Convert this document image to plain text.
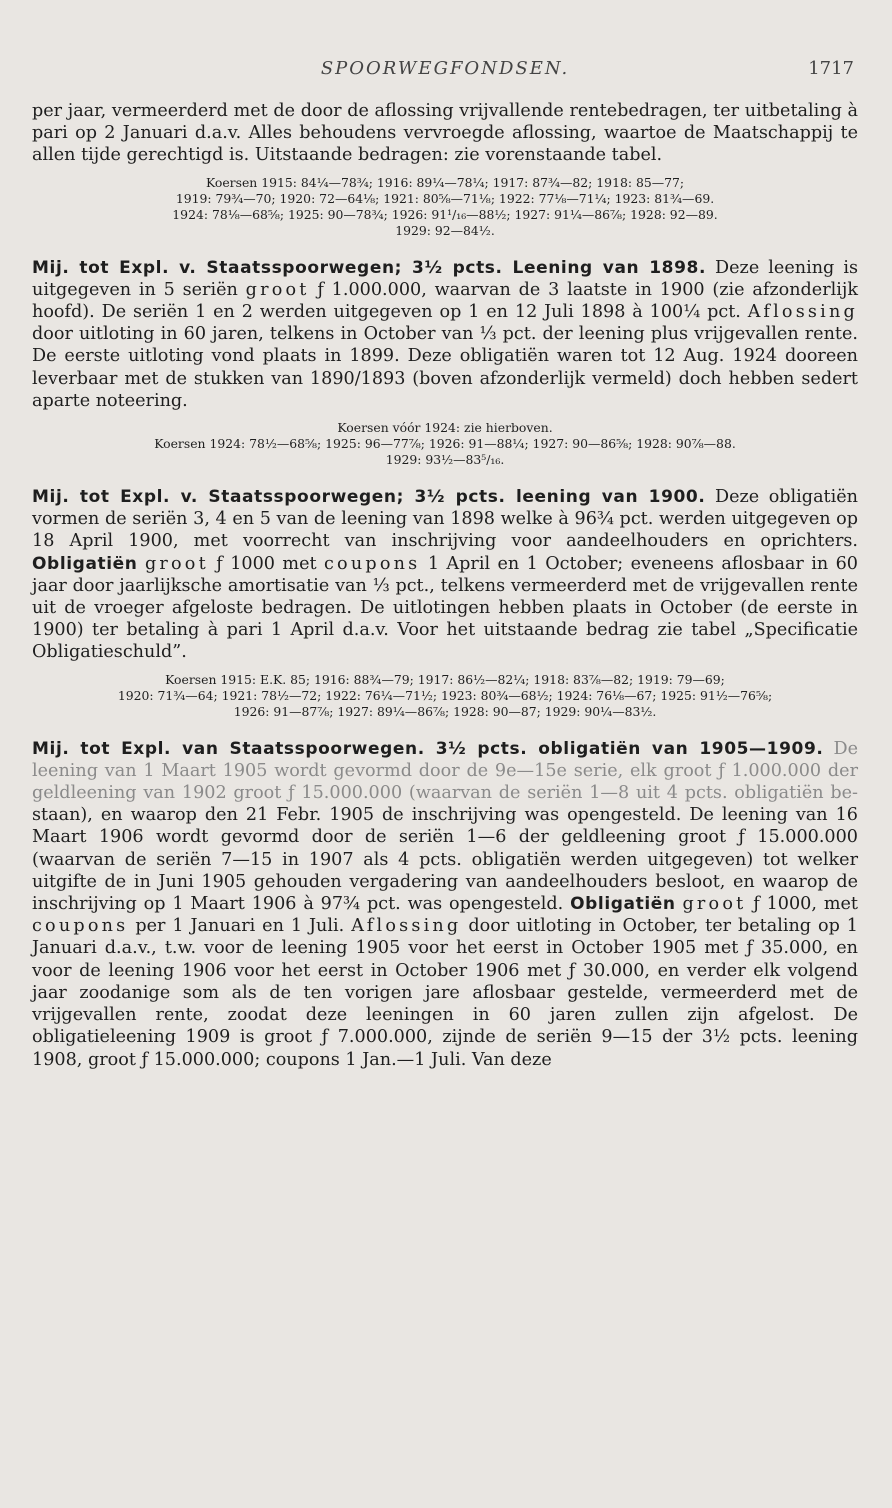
SPOORWEGFONDSEN.	1717

per jaar, vermeerderd met de door de aflossing vrijvallende rentebedragen, ter uitbetaling à pari op 2 Januari d.a.v. Alles behoudens vervroegde aflossing, waartoe de Maatschappij te allen tijde gerechtigd is. Uitstaande bedragen: zie vorenstaande tabel.

Koersen 1915: 84¼—78¾; 1916: 89¼—78¼; 1917: 87¾—82; 1918: 85—77;
1919: 79¾—70; 1920: 72—64⅛; 1921: 80⅝—71⅛; 1922: 77⅛—71¼; 1923: 81¾—69.
1924: 78⅛—68⅝; 1925: 90—78¾; 1926: 91¹/₁₆—88½; 1927: 91¼—86⅞; 1928: 92—89.
1929: 92—84½.

Mij. tot Expl. v. Staatsspoorwegen; 3½ pcts. Leening van 1898. Deze leening is uitgegeven in 5 seriën groot ƒ 1.000.000, waarvan de 3 laatste in 1900 (zie afzonderlijk hoofd). De seriën 1 en 2 werden uitgegeven op 1 en 12 Juli 1898 à 100¼ pct. Aflossing door uitloting in 60 jaren, telkens in October van ⅓ pct. der leening plus vrijgevallen rente. De eerste uitloting vond plaats in 1899. Deze obligatiën waren tot 12 Aug. 1924 dooreen leverbaar met de stukken van 1890/1893 (boven afzonderlijk vermeld) doch hebben sedert aparte noteering.

Koersen vóór 1924: zie hierboven.
Koersen 1924: 78½—68⅝; 1925: 96—77⅞; 1926: 91—88¼; 1927: 90—86⅝; 1928: 90⅞—88.
1929: 93½—83⁵/₁₆.

Mij. tot Expl. v. Staatsspoorwegen; 3½ pcts. leening van 1900. Deze obligatiën vormen de seriën 3, 4 en 5 van de leening van 1898 welke à 96¾ pct. werden uitgegeven op 18 April 1900, met voorrecht van inschrijving voor aandeelhouders en oprichters. Obligatiën groot ƒ 1000 met coupons 1 April en 1 October; eveneens aflosbaar in 60 jaar door jaarlijksche amortisatie van ⅓ pct., telkens vermeerderd met de vrijgevallen rente uit de vroeger afgeloste bedragen. De uitlotingen hebben plaats in October (de eerste in 1900) ter betaling à pari 1 April d.a.v. Voor het uitstaande bedrag zie tabel „Specificatie Obligatieschuld”.

Koersen 1915: E.K. 85; 1916: 88¾—79; 1917: 86½—82¼; 1918: 83⅞—82; 1919: 79—69;
1920: 71¾—64; 1921: 78½—72; 1922: 76¼—71½; 1923: 80¾—68½; 1924: 76⅛—67; 1925: 91½—76⅝;
1926: 91—87⅞; 1927: 89¼—86⅞; 1928: 90—87; 1929: 90¼—83½.

Mij. tot Expl. van Staatsspoorwegen. 3½ pcts. obligatiën van 1905—1909. De leening van 1 Maart 1905 wordt gevormd door de 9e—15e serie, elk groot ƒ 1.000.000 der geldleening van 1902 groot ƒ 15.000.000 (waarvan de seriën 1—8 uit 4 pcts. obligatiën be-staan), en waarop den 21 Febr. 1905 de inschrijving was opengesteld. De leening van 16 Maart 1906 wordt gevormd door de seriën 1—6 der geldleening groot ƒ 15.000.000 (waarvan de seriën 7—15 in 1907 als 4 pcts. obligatiën werden uitgegeven) tot welker uitgifte de in Juni 1905 gehouden vergadering van aandeelhouders besloot, en waarop de inschrijving op 1 Maart 1906 à 97¾ pct. was opengesteld. Obligatiën groot ƒ 1000, met coupons per 1 Januari en 1 Juli. Aflossing door uitloting in October, ter betaling op 1 Januari d.a.v., t.w. voor de leening 1905 voor het eerst in October 1905 met ƒ 35.000, en voor de leening 1906 voor het eerst in October 1906 met ƒ 30.000, en verder elk volgend jaar zoodanige som als de ten vorigen jare aflosbaar gestelde, vermeerderd met de vrijgevallen rente, zoodat deze leeningen in 60 jaren zullen zijn afgelost. De obligatieleening 1909 is groot ƒ 7.000.000, zijnde de seriën 9—15 der 3½ pcts. leening 1908, groot ƒ 15.000.000; coupons 1 Jan.—1 Juli. Van deze
